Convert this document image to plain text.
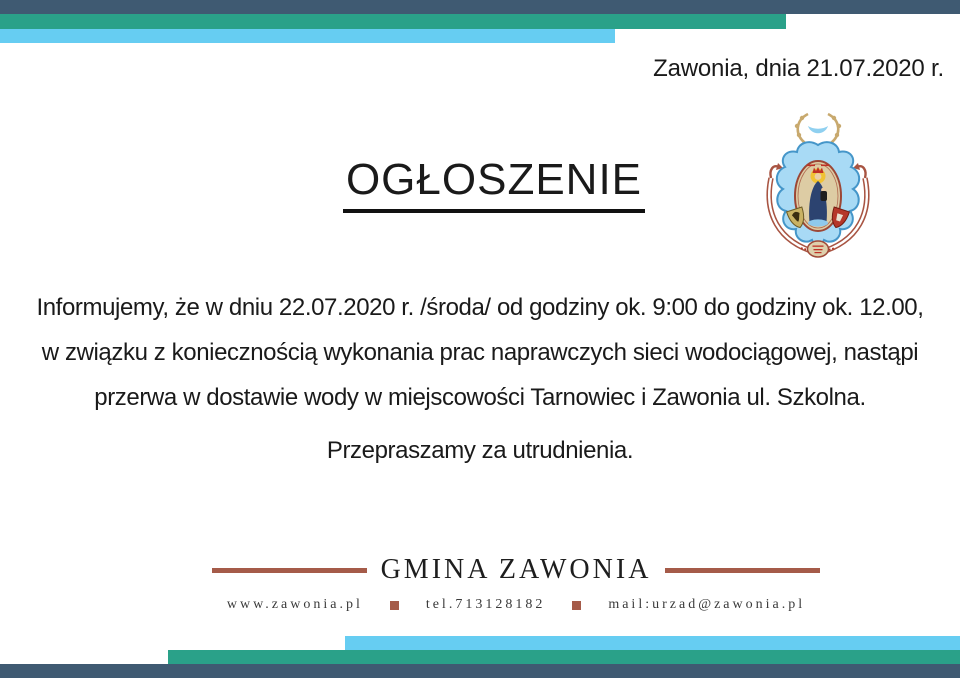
Zawonia, dnia 21.07.2020 r.
OGŁOSZENIE
Informujemy, że w dniu 22.07.2020 r. /środa/ od godziny ok. 9:00 do godziny ok. 12.00,
w związku z koniecznością wykonania prac naprawczych sieci wodociągowej, nastąpi
przerwa w dostawie wody w miejscowości Tarnowiec i Zawonia ul. Szkolna.
Przepraszamy za utrudnienia.
GMINA ZAWONIA
www.zawonia.pl	tel.713128182	mail:urzad@zawonia.pl
